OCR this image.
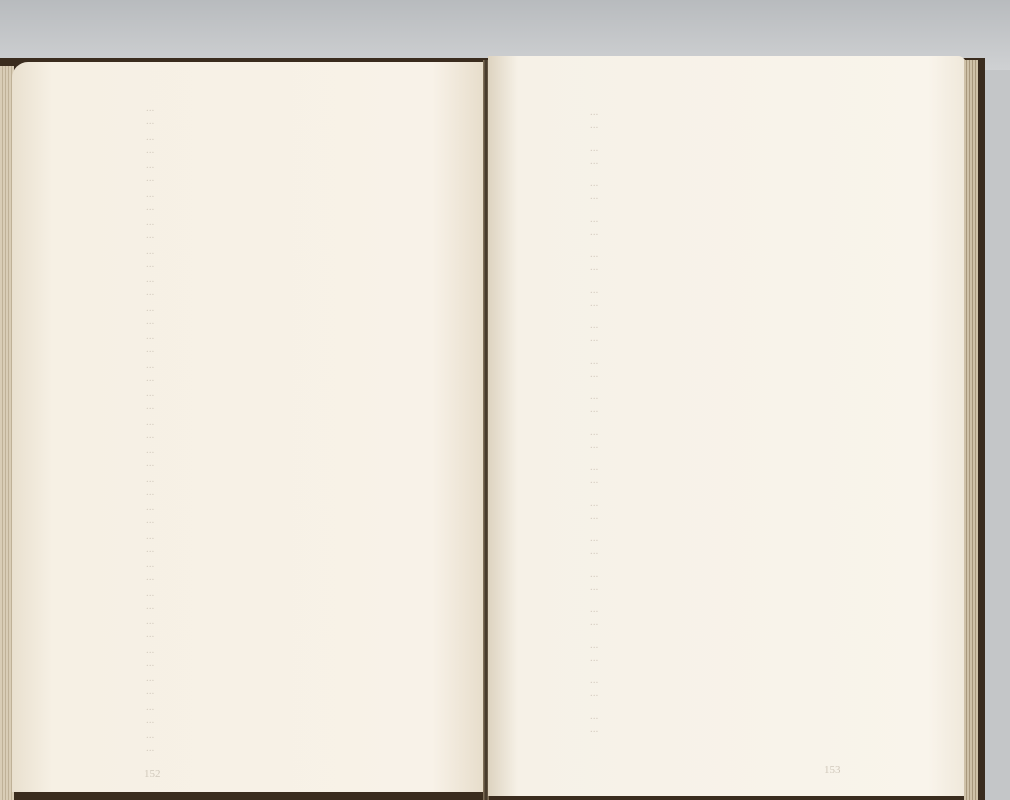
...
...
...
...
...
...
...
...
...
...
...
...
...
...
...
...
...
...
...
...
...
...
...
...
...
...
...
...
...
...
...
...
...
...
...
...
...
...
...
...
...
...
...
...
...
...
152
...
...
...
...
...
...
...
...
...
...
...
...
...
...
...
...
...
...
...
...
...
...
...
...
...
...
...
...
...
...
...
...
...
...
...
...
153
